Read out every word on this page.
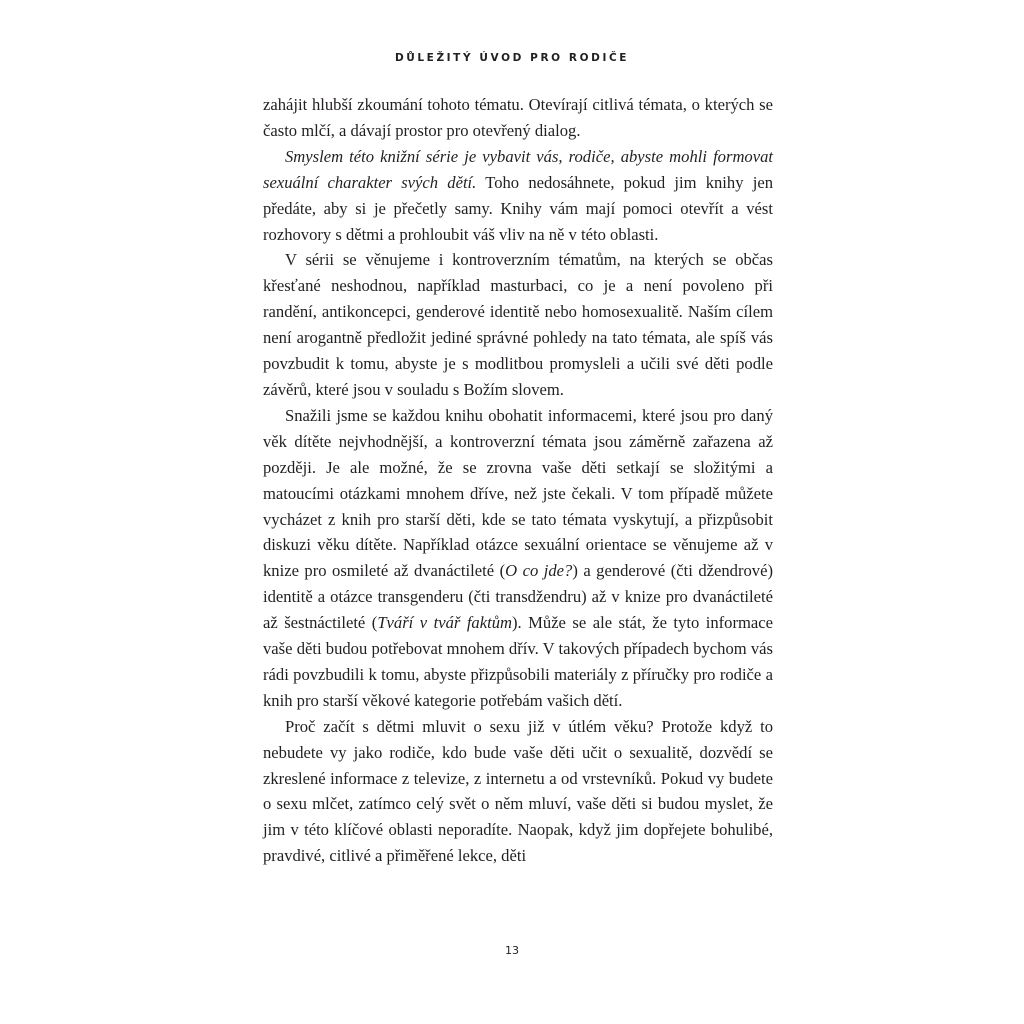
DŮLEŽITÝ ÚVOD PRO RODIČE

zahájit hlubší zkoumání tohoto tématu. Otevírají citlivá témata, o kterých se často mlčí, a dávají prostor pro otevřený dialog.

Smyslem této knižní série je vybavit vás, rodiče, abyste mohli formovat sexuální charakter svých dětí. Toho nedosáhnete, pokud jim knihy jen předáte, aby si je přečetly samy. Knihy vám mají pomoci otevřít a vést rozhovory s dětmi a prohloubit váš vliv na ně v této oblasti.

V sérii se věnujeme i kontroverzním tématům, na kterých se občas křesťané neshodnou, například masturbaci, co je a není povoleno při randění, antikoncepci, genderové identitě nebo homosexualitě. Naším cílem není arogantně předložit jediné správné pohledy na tato témata, ale spíš vás povzbudit k tomu, abyste je s modlitbou promysleli a učili své děti podle závěrů, které jsou v souladu s Božím slovem.

Snažili jsme se každou knihu obohatit informacemi, které jsou pro daný věk dítěte nejvhodnější, a kontroverzní témata jsou záměrně zařazena až později. Je ale možné, že se zrovna vaše děti setkají se složitými a matoucími otázkami mnohem dříve, než jste čekali. V tom případě můžete vycházet z knih pro starší děti, kde se tato témata vyskytují, a přizpůsobit diskuzi věku dítěte. Například otázce sexuální orientace se věnujeme až v knize pro osmileté až dvanáctileté (O co jde?) a genderové (čti džendrové) identitě a otázce transgenderu (čti transdžendru) až v knize pro dvanáctileté až šestnáctileté (Tváří v tvář faktům). Může se ale stát, že tyto informace vaše děti budou potřebovat mnohem dřív. V takových případech bychom vás rádi povzbudili k tomu, abyste přizpůsobili materiály z příručky pro rodiče a knih pro starší věkové kategorie potřebám vašich dětí.

Proč začít s dětmi mluvit o sexu již v útlém věku? Protože když to nebudete vy jako rodiče, kdo bude vaše děti učit o sexualitě, dozvědí se zkreslené informace z televize, z internetu a od vrstevníků. Pokud vy budete o sexu mlčet, zatímco celý svět o něm mluví, vaše děti si budou myslet, že jim v této klíčové oblasti neporadíte. Naopak, když jim dopřejete bohulibé, pravdivé, citlivé a přiměřené lekce, děti

13
